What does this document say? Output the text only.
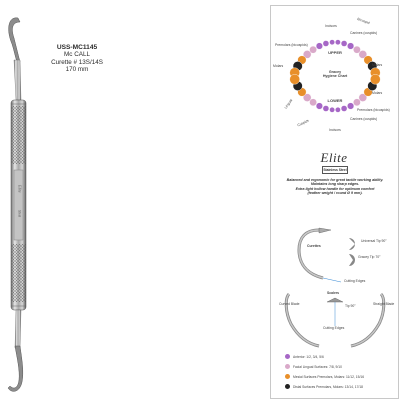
Elite
Steel
USS-MC1145
Mc CALL
Curette # 13S/14S
170 mm
UPPER
Gracey Hygiene Chart
LOWER
Incisors
Canines (cuspids)
Premolars (bicuspids)
Molars	Molars
Bicuspid
Molars
Premolars (bicuspids)
Canines (cuspids)
Incisors
Cuspids
Lingual
Elite
Stainless Steel
Balanced and ergonomic for great tactile working ability.
Maintains long sharp edges.
Extra light hollow handle for optimum comfort
(feather weight / round Ø 9 mm).
Curettes
Universal Tip 90°
Gracey Tip 70°
Cutting Edges
Scalers
Curved Blade	Straight Blade
Tip 90°
Cutting Edges
Anterior: 1/2, 3/4, 5/6
Facial Lingual Surfaces: 7/8, 9/10
Mesial Surfaces Premolars, Molars: 11/12, 15/16
Distal Surfaces Premolars, Molars: 13/14, 17/18
